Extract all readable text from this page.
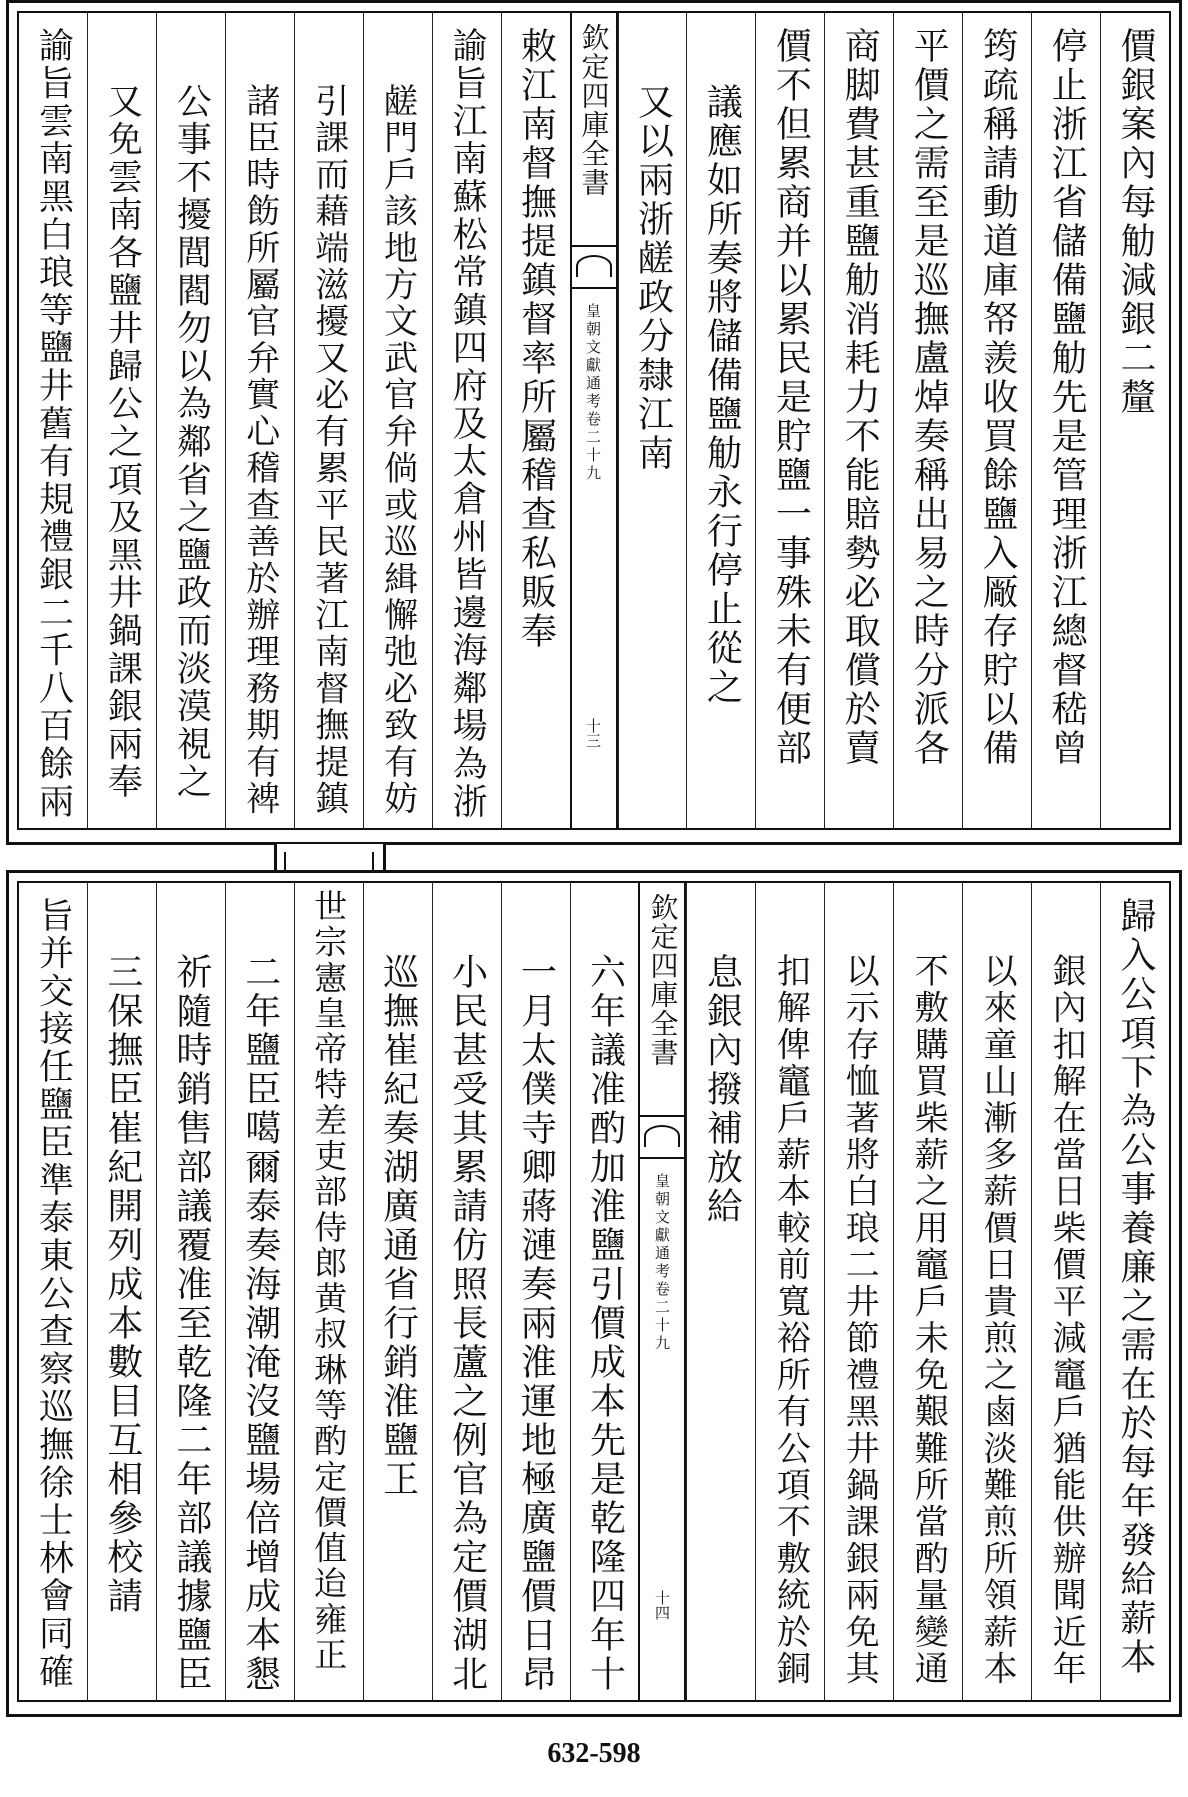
價銀案內每觔減銀二釐
停止浙江省儲備鹽觔先是管理浙江總督嵇曾
筠疏稱請動道庫帑羨收買餘鹽入厰存貯以備
平價之需至是巡撫盧焯奏稱出易之時分派各
商脚費甚重鹽觔消耗力不能賠勢必取償於賣
價不但累商并以累民是貯鹽一事殊未有便部
議應如所奏將儲備鹽觔永行停止從之
又以兩浙鹾政分隸江南
欽定四庫全書
皇朝文獻通考卷二十九
十三
敕江南督撫提鎮督率所屬稽查私販奉
諭旨江南蘇松常鎮四府及太倉州皆邊海鄰場為浙
鹾門戶該地方文武官弁倘或巡緝懈弛必致有妨
引課而藉端滋擾又必有累平民著江南督撫提鎮
諸臣時飭所屬官弁實心稽查善於辦理務期有裨
公事不擾閭閻勿以為鄰省之鹽政而淡漠視之
又免雲南各鹽井歸公之項及黑井鍋課銀兩奉
諭旨雲南黑白琅等鹽井舊有規禮銀二千八百餘兩
歸入公項下為公事養廉之需在於每年發給薪本
銀內扣解在當日柴價平減竈戶猶能供辦聞近年
以來童山漸多薪價日貴煎之鹵淡難煎所領薪本
不敷購買柴薪之用竈戶未免艱難所當酌量變通
以示存恤著將白琅二井節禮黑井鍋課銀兩免其
扣解俾竈戶薪本較前寬裕所有公項不敷統於銅
息銀內撥補放給
欽定四庫全書
皇朝文獻通考卷二十九
十四
六年議准酌加淮鹽引價成本先是乾隆四年十
一月太僕寺卿蔣漣奏兩淮運地極廣鹽價日昂
小民甚受其累請仿照長蘆之例官為定價湖北
巡撫崔紀奏湖廣通省行銷淮鹽㠪
世宗憲皇帝特差吏部侍郎黄叔琳等酌定價值迨雍正
二年鹽臣噶爾泰奏海潮淹沒鹽場倍增成本懇
祈隨時銷售部議覆准至乾隆二年部議據鹽臣
三保撫臣崔紀開列成本數目互相參校請
旨并交接任鹽臣準泰東公查察巡撫徐士林會同確
632-598
